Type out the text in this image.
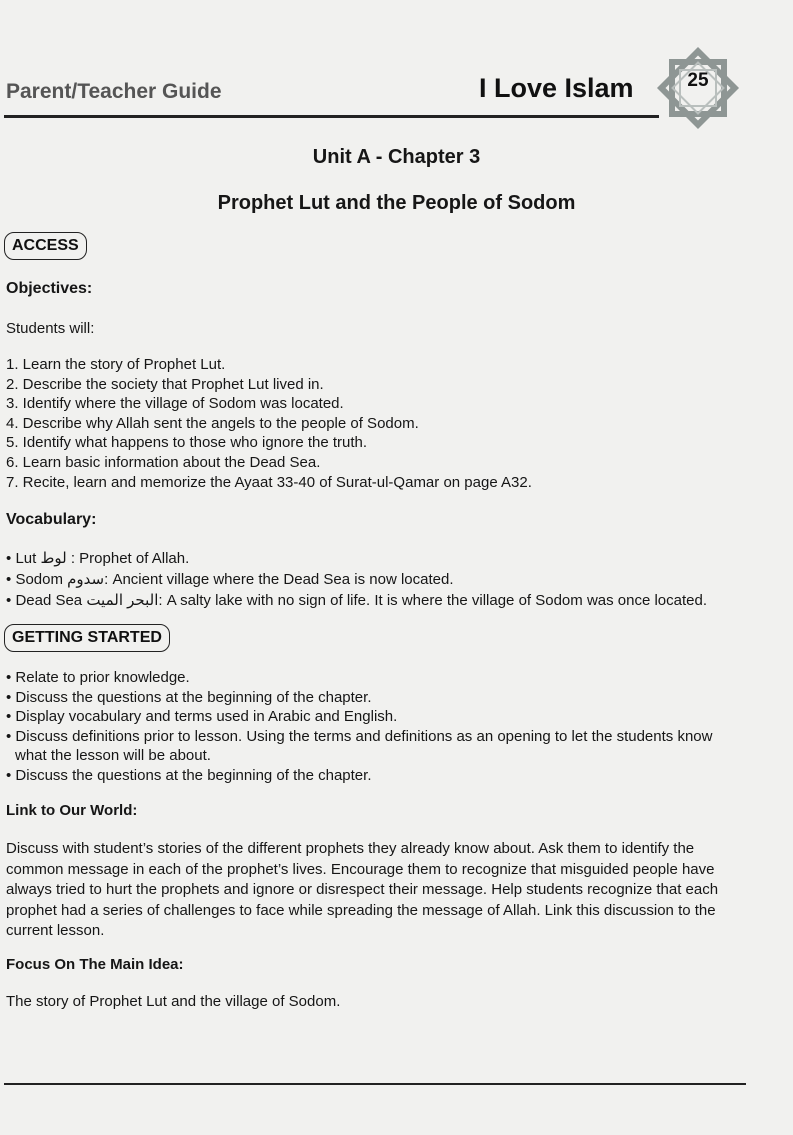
Parent/Teacher Guide	I Love Islam	25
Unit A - Chapter 3
Prophet Lut and the People of Sodom
ACCESS
Objectives:
Students will:
1. Learn the story of Prophet Lut.
2. Describe the society that Prophet Lut lived in.
3. Identify where the village of Sodom was located.
4. Describe why Allah sent the angels to the people of Sodom.
5. Identify what happens to those who ignore the truth.
6. Learn basic information about the Dead Sea.
7. Recite, learn and memorize the Ayaat 33-40 of Surat-ul-Qamar on page A32.
Vocabulary:
• Lut لوط : Prophet of Allah.
• Sodom سدوم: Ancient village where the Dead Sea is now located.
• Dead Sea البحر الميت: A salty lake with no sign of life. It is where the village of Sodom was once located.
GETTING STARTED
• Relate to prior knowledge.
• Discuss the questions at the beginning of the chapter.
• Display vocabulary and terms used in Arabic and English.
• Discuss definitions prior to lesson. Using the terms and definitions as an opening to let the students know what the lesson will be about.
• Discuss the questions at the beginning of the chapter.
Link to Our World:
Discuss with student’s stories of the different prophets they already know about. Ask them to identify the common message in each of the prophet’s lives. Encourage them to recognize that misguided people have always tried to hurt the prophets and ignore or disrespect their message. Help students recognize that each prophet had a series of challenges to face while spreading the message of Allah. Link this discussion to the current lesson.
Focus On The Main Idea:
The story of Prophet Lut and the village of Sodom.
